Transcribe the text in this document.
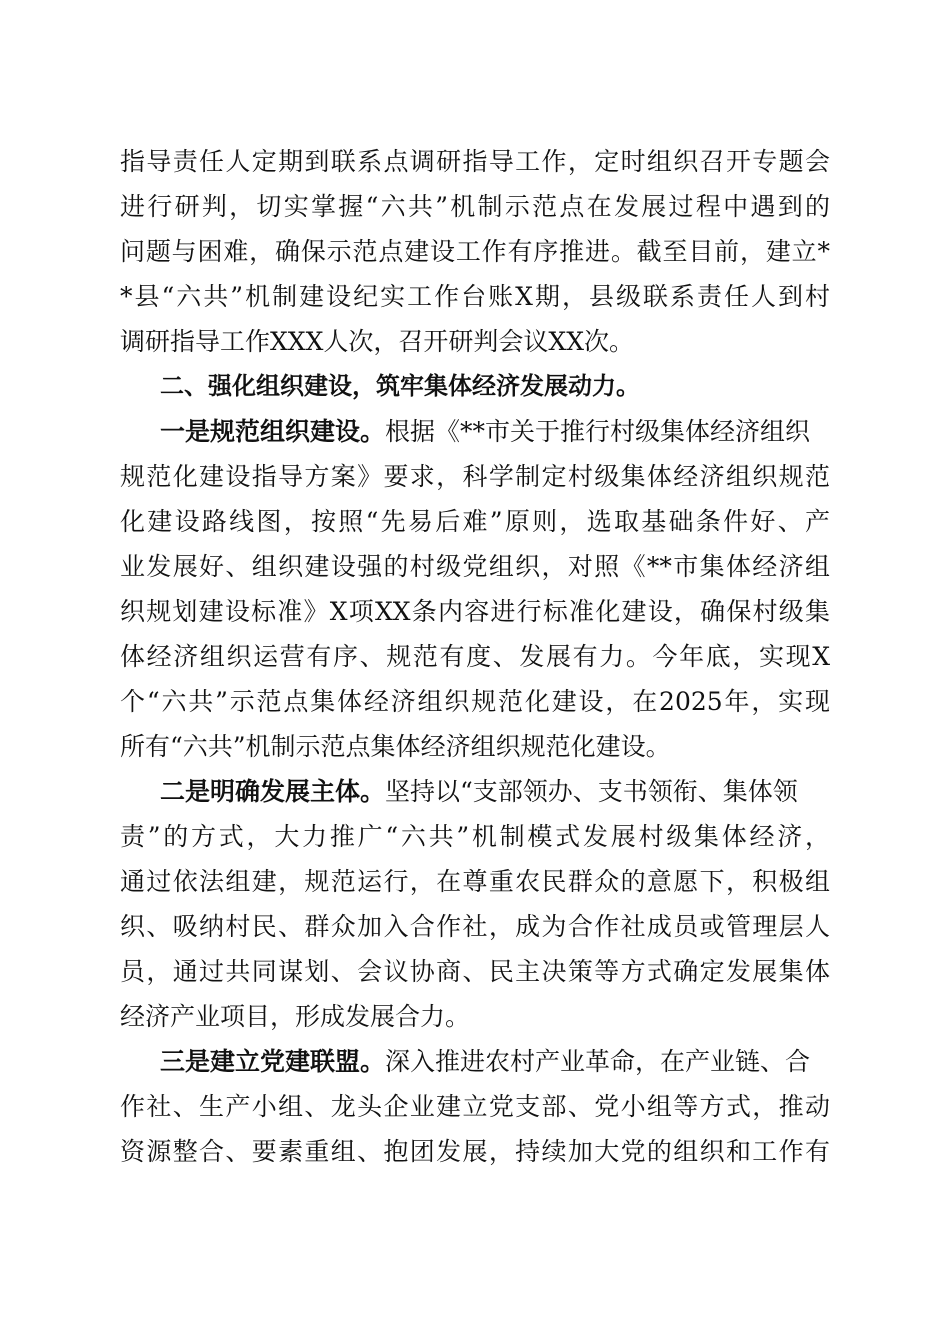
指导责任人定期到联系点调研指导工作，定时组织召开专题会
进行研判，切实掌握“六共”机制示范点在发展过程中遇到的
问题与困难，确保示范点建设工作有序推进。截至目前，建立*
*县“六共”机制建设纪实工作台账X期，县级联系责任人到村
调研指导工作XXX人次，召开研判会议XX次。
二、强化组织建设，筑牢集体经济发展动力。
一是规范组织建设。根据《**市关于推行村级集体经济组织
规范化建设指导方案》要求，科学制定村级集体经济组织规范
化建设路线图，按照“先易后难”原则，选取基础条件好、产
业发展好、组织建设强的村级党组织，对照《**市集体经济组
织规划建设标准》X项XX条内容进行标准化建设，确保村级集
体经济组织运营有序、规范有度、发展有力。今年底，实现X
个“六共”示范点集体经济组织规范化建设，在2025年，实现
所有“六共”机制示范点集体经济组织规范化建设。
二是明确发展主体。坚持以“支部领办、支书领衔、集体领
责”的方式，大力推广“六共”机制模式发展村级集体经济，
通过依法组建，规范运行，在尊重农民群众的意愿下，积极组
织、吸纳村民、群众加入合作社，成为合作社成员或管理层人
员，通过共同谋划、会议协商、民主决策等方式确定发展集体
经济产业项目，形成发展合力。
三是建立党建联盟。深入推进农村产业革命，在产业链、合
作社、生产小组、龙头企业建立党支部、党小组等方式，推动
资源整合、要素重组、抱团发展，持续加大党的组织和工作有
